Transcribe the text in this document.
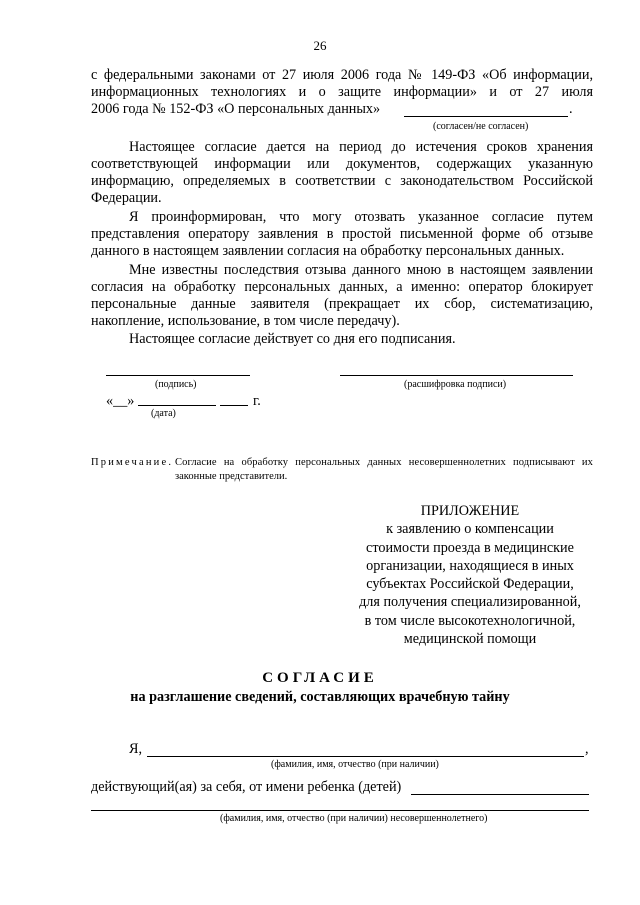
26
с федеральными законами от 27 июля 2006 года № 149-ФЗ «Об информации,
информационных технологиях и о защите информации» и от 27 июля
2006 года № 152-ФЗ «О персональных данных»	.
(согласен/не согласен)
Настоящее согласие дается на период до истечения сроков хранения
соответствующей информации или документов, содержащих указанную
информацию, определяемых в соответствии с законодательством Российской
Федерации.
Я проинформирован, что могу отозвать указанное согласие путем
представления оператору заявления в простой письменной форме об отзыве
данного в настоящем заявлении согласия на обработку персональных данных.
Мне известны последствия отзыва данного мною в настоящем заявлении
согласия на обработку персональных данных, а именно: оператор блокирует
персональные данные заявителя (прекращает их сбор, систематизацию,
накопление, использование, в том числе передачу).
Настоящее согласие действует со дня его подписания.
(подпись)	(расшифровка подписи)
«__»	г.
(дата)
Примечание. Согласие на обработку персональных данных несовершеннолетних подписывают их
законные представители.
ПРИЛОЖЕНИЕ
к заявлению о компенсации
стоимости проезда в медицинские
организации, находящиеся в иных
субъектах Российской Федерации,
для получения специализированной,
в том числе высокотехнологичной,
медицинской помощи
СОГЛАСИЕ
на разглашение сведений, составляющих врачебную тайну
Я,	,
(фамилия, имя, отчество (при наличии)
действующий(ая) за себя, от имени ребенка (детей)
(фамилия, имя, отчество (при наличии) несовершеннолетнего)
